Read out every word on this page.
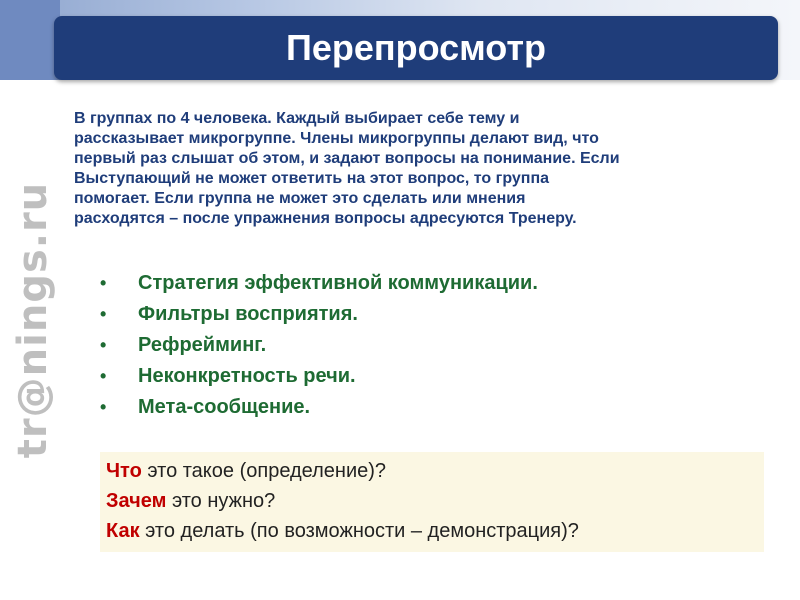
Перепросмотр
tr@nings.ru
В группах по 4 человека. Каждый выбирает себе тему и
рассказывает микрогруппе. Члены микрогруппы делают вид, что
первый раз слышат об этом, и задают вопросы на понимание. Если
Выступающий не может ответить на этот вопрос, то группа
помогает. Если группа не может это сделать или мнения
расходятся – после упражнения вопросы адресуются Тренеру.
•	Стратегия эффективной коммуникации.
•	Фильтры восприятия.
•	Рефрейминг.
•	Неконкретность речи.
•	Мета-сообщение.
Что это такое (определение)?
Зачем это нужно?
Как это делать (по возможности – демонстрация)?
